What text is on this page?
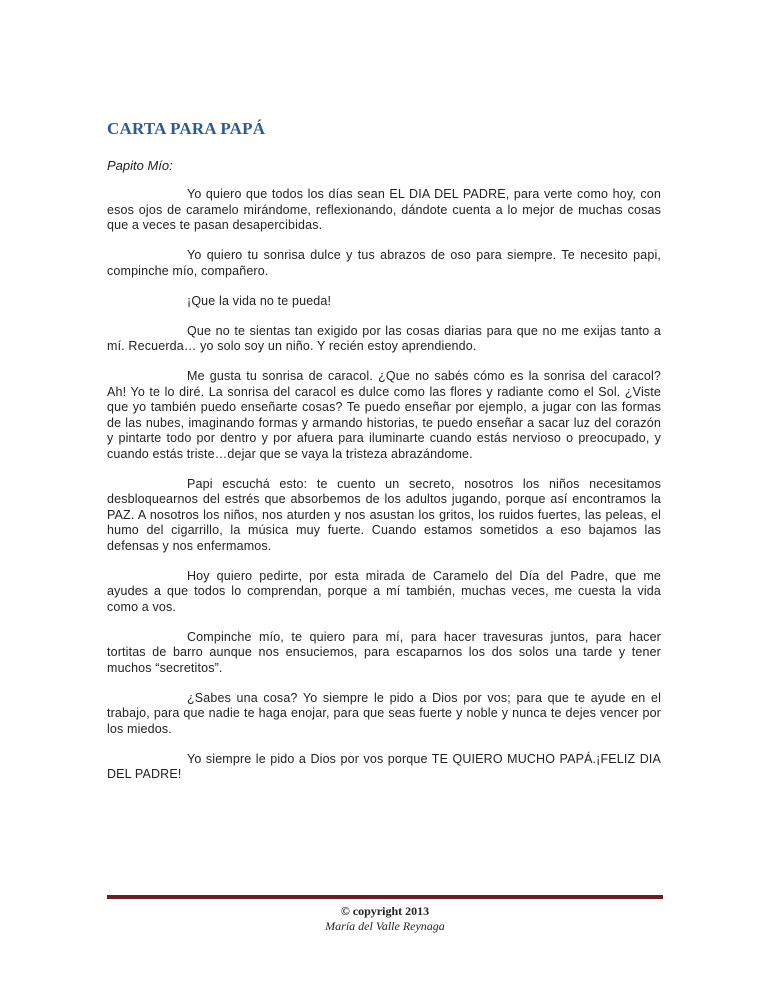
CARTA PARA PAPÁ

Papito Mío:

Yo quiero que todos los días sean EL DIA DEL PADRE, para verte como hoy, con esos ojos de caramelo mirándome, reflexionando, dándote cuenta a lo mejor de muchas cosas que a veces te pasan desapercibidas.

Yo quiero tu sonrisa dulce y tus abrazos de oso para siempre. Te necesito papi, compinche mío, compañero.

¡Que la vida no te pueda!

Que no te sientas tan exigido por las cosas diarias para que no me exijas tanto a mí. Recuerda… yo solo soy un niño. Y recién estoy aprendiendo.

Me gusta tu sonrisa de caracol. ¿Que no sabés cómo es la sonrisa del caracol? Ah! Yo te lo diré. La sonrisa del caracol es dulce como las flores y radiante como el Sol. ¿Viste que yo también puedo enseñarte cosas? Te puedo enseñar por ejemplo, a jugar con las formas de las nubes, imaginando formas y armando historias, te puedo enseñar a sacar luz del corazón y pintarte todo por dentro y por afuera para iluminarte cuando estás nervioso o preocupado, y cuando estás triste…dejar que se vaya la tristeza abrazándome.

Papi escuchá esto: te cuento un secreto, nosotros los niños necesitamos desbloquearnos del estrés que absorbemos de los adultos jugando, porque así encontramos la PAZ. A nosotros los niños, nos aturden y nos asustan los gritos, los ruidos fuertes, las peleas, el humo del cigarrillo, la música muy fuerte. Cuando estamos sometidos a eso bajamos las defensas y nos enfermamos.

Hoy quiero pedirte, por esta mirada de Caramelo del Día del Padre, que me ayudes a que todos lo comprendan, porque a mí también, muchas veces, me cuesta la vida como a vos.

Compinche mío, te quiero para mí, para hacer travesuras juntos, para hacer tortitas de barro aunque nos ensuciemos, para escaparnos los dos solos una tarde y tener muchos “secretitos”.

¿Sabes una cosa? Yo siempre le pido a Dios por vos; para que te ayude en el trabajo, para que nadie te haga enojar, para que seas fuerte y noble y nunca te dejes vencer por los miedos.

Yo siempre le pido a Dios por vos porque TE QUIERO MUCHO PAPÁ.¡FELIZ DIA DEL PADRE!

© copyright 2013
María del Valle Reynaga
